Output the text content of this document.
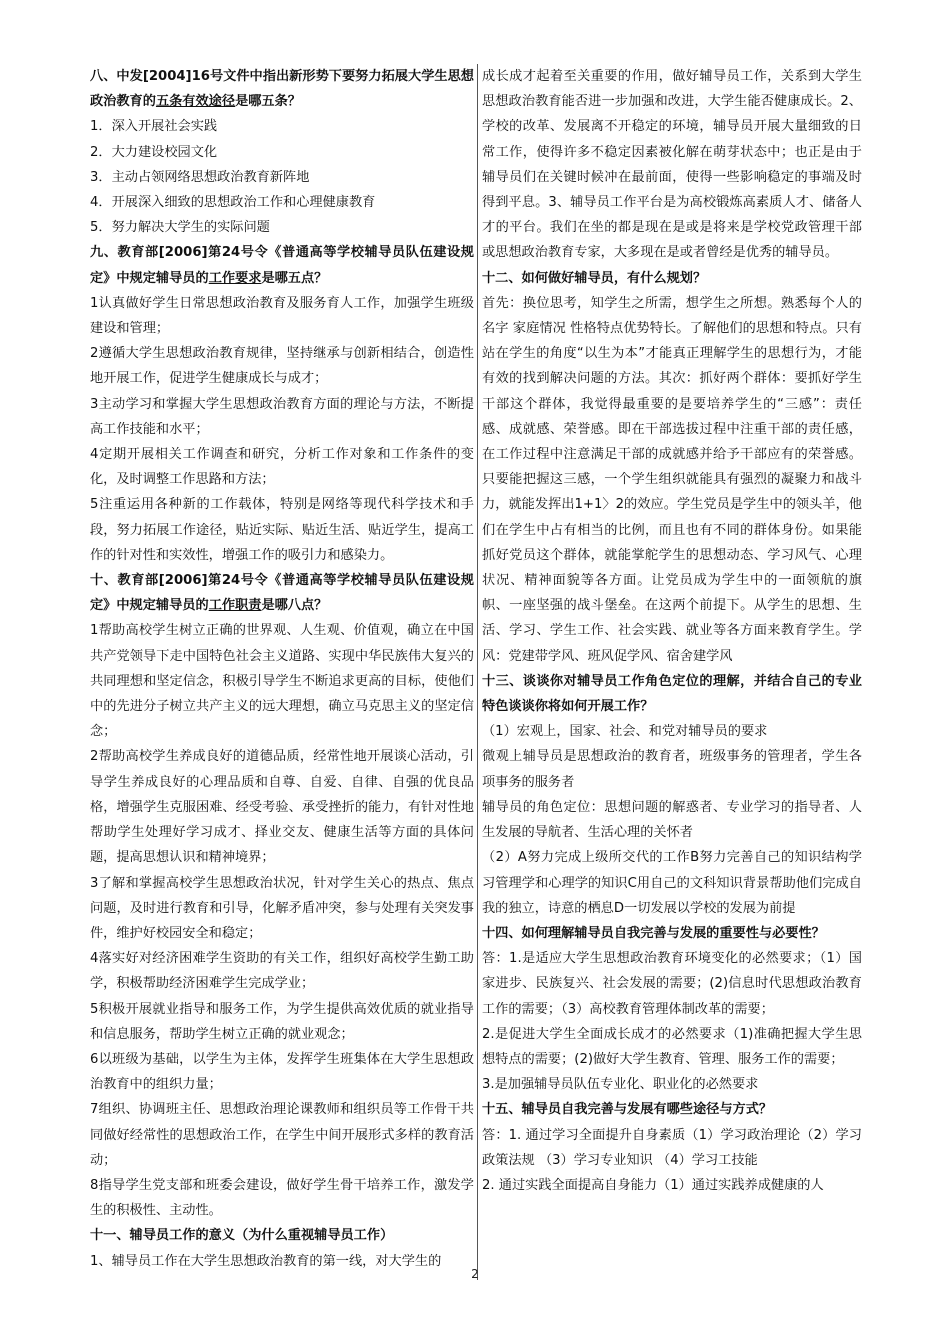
八、中发[2004]16号文件中指出新形势下要努力拓展大学生思想政治教育的五条有效途径是哪五条？

1．深入开展社会实践

2．大力建设校园文化

3．主动占领网络思想政治教育新阵地

4．开展深入细致的思想政治工作和心理健康教育

5．努力解决大学生的实际问题

九、教育部[2006]第24号令《普通高等学校辅导员队伍建设规定》中规定辅导员的工作要求是哪五点？

1认真做好学生日常思想政治教育及服务育人工作，加强学生班级建设和管理；

2遵循大学生思想政治教育规律，坚持继承与创新相结合，创造性地开展工作，促进学生健康成长与成才；

3主动学习和掌握大学生思想政治教育方面的理论与方法，不断提高工作技能和水平；

4定期开展相关工作调查和研究，分析工作对象和工作条件的变化，及时调整工作思路和方法；

5注重运用各种新的工作载体，特别是网络等现代科学技术和手段，努力拓展工作途径，贴近实际、贴近生活、贴近学生，提高工作的针对性和实效性，增强工作的吸引力和感染力。

十、教育部[2006]第24号令《普通高等学校辅导员队伍建设规定》中规定辅导员的工作职责是哪八点？

1帮助高校学生树立正确的世界观、人生观、价值观，确立在中国共产党领导下走中国特色社会主义道路、实现中华民族伟大复兴的共同理想和坚定信念，积极引导学生不断追求更高的目标，使他们中的先进分子树立共产主义的远大理想，确立马克思主义的坚定信念；

2帮助高校学生养成良好的道德品质，经常性地开展谈心活动，引导学生养成良好的心理品质和自尊、自爱、自律、自强的优良品格，增强学生克服困难、经受考验、承受挫折的能力，有针对性地帮助学生处理好学习成才、择业交友、健康生活等方面的具体问题，提高思想认识和精神境界；

3了解和掌握高校学生思想政治状况，针对学生关心的热点、焦点问题，及时进行教育和引导，化解矛盾冲突，参与处理有关突发事件，维护好校园安全和稳定；

4落实好对经济困难学生资助的有关工作，组织好高校学生勤工助学，积极帮助经济困难学生完成学业；

5积极开展就业指导和服务工作，为学生提供高效优质的就业指导和信息服务，帮助学生树立正确的就业观念；

6以班级为基础，以学生为主体，发挥学生班集体在大学生思想政治教育中的组织力量；

7组织、协调班主任、思想政治理论课教师和组织员等工作骨干共同做好经常性的思想政治工作，在学生中间开展形式多样的教育活动；

8指导学生党支部和班委会建设，做好学生骨干培养工作，激发学生的积极性、主动性。

十一、辅导员工作的意义（为什么重视辅导员工作）

1、辅导员工作在大学生思想政治教育的第一线，对大学生的

成长成才起着至关重要的作用，做好辅导员工作，关系到大学生思想政治教育能否进一步加强和改进，大学生能否健康成长。2、学校的改革、发展离不开稳定的环境，辅导员开展大量细致的日常工作，使得许多不稳定因素被化解在萌芽状态中；也正是由于辅导员们在关键时候冲在最前面，使得一些影响稳定的事端及时得到平息。3、辅导员工作平台是为高校锻炼高素质人才、储备人才的平台。我们在坐的都是现在是或是将来是学校党政管理干部或思想政治教育专家，大多现在是或者曾经是优秀的辅导员。

十二、如何做好辅导员，有什么规划？

首先：换位思考，知学生之所需，想学生之所想。熟悉每个人的名字 家庭情况 性格特点优势特长。了解他们的思想和特点。只有站在学生的角度“以生为本”才能真正理解学生的思想行为，才能有效的找到解决问题的方法。其次：抓好两个群体：要抓好学生干部这个群体，我觉得最重要的是要培养学生的“三感”：责任感、成就感、荣誉感。即在干部选拔过程中注重干部的责任感，在工作过程中注意满足干部的成就感并给予干部应有的荣誉感。只要能把握这三感，一个学生组织就能具有强烈的凝聚力和战斗力，就能发挥出1+1〉2的效应。学生党员是学生中的领头羊，他们在学生中占有相当的比例，而且也有不同的群体身份。如果能抓好党员这个群体，就能掌舵学生的思想动态、学习风气、心理状况、精神面貌等各方面。让党员成为学生中的一面领航的旗帜、一座坚强的战斗堡垒。在这两个前提下。从学生的思想、生活、学习、学生工作、社会实践、就业等各方面来教育学生。学风：党建带学风、班风促学风、宿舍建学风

十三、谈谈你对辅导员工作角色定位的理解，并结合自己的专业特色谈谈你将如何开展工作？

（1）宏观上，国家、社会、和党对辅导员的要求

微观上辅导员是思想政治的教育者，班级事务的管理者，学生各项事务的服务者

辅导员的角色定位：思想问题的解惑者、专业学习的指导者、人生发展的导航者、生活心理的关怀者

（2）A努力完成上级所交代的工作B努力完善自己的知识结构学习管理学和心理学的知识C用自己的文科知识背景帮助他们完成自我的独立，诗意的栖息D一切发展以学校的发展为前提

十四、如何理解辅导员自我完善与发展的重要性与必要性？

答：1.是适应大学生思想政治教育环境变化的必然要求；（1）国家进步、民族复兴、社会发展的需要；(2)信息时代思想政治教育工作的需要；（3）高校教育管理体制改革的需要；

2.是促进大学生全面成长成才的必然要求（1)准确把握大学生思想特点的需要；(2)做好大学生教育、管理、服务工作的需要；

3.是加强辅导员队伍专业化、职业化的必然要求

十五、辅导员自我完善与发展有哪些途径与方式？

答：1. 通过学习全面提升自身素质（1）学习政治理论（2）学习政策法规 （3）学习专业知识 （4）学习工技能

2. 通过实践全面提高自身能力（1）通过实践养成健康的人

2
